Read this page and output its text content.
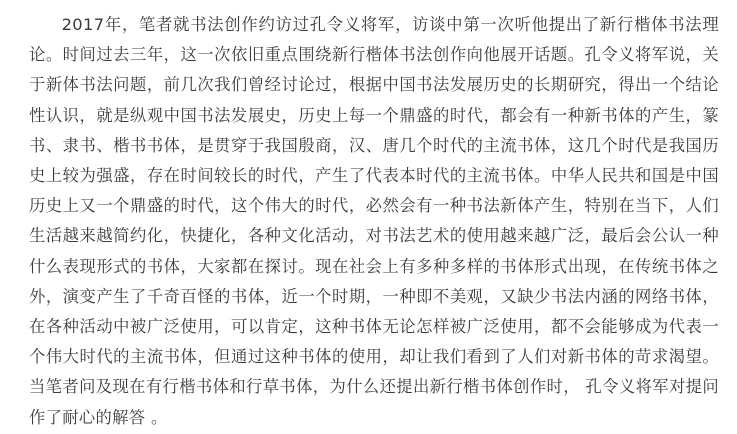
2017年，笔者就书法创作约访过孔令义将军，访谈中第一次听他提出了新行楷体书法理论。时间过去三年，这一次依旧重点围绕新行楷体书法创作向他展开话题。孔令义将军说，关于新体书法问题，前几次我们曾经讨论过，根据中国书法发展历史的长期研究，得出一个结论性认识，就是纵观中国书法发展史，历史上每一个鼎盛的时代，都会有一种新书体的产生，篆书、隶书、楷书书体，是贯穿于我国殷商，汉、唐几个时代的主流书体，这几个时代是我国历史上较为强盛，存在时间较长的时代，产生了代表本时代的主流书体。中华人民共和国是中国历史上又一个鼎盛的时代，这个伟大的时代，必然会有一种书法新体产生，特别在当下，人们生活越来越简约化，快捷化，各种文化活动，对书法艺术的使用越来越广泛，最后会公认一种什么表现形式的书体，大家都在探讨。现在社会上有多种多样的书体形式出现，在传统书体之外，演变产生了千奇百怪的书体，近一个时期，一种即不美观，又缺少书法内涵的网络书体，在各种活动中被广泛使用，可以肯定，这种书体无论怎样被广泛使用，都不会能够成为代表一个伟大时代的主流书体，但通过这种书体的使用，却让我们看到了人们对新书体的苛求渴望。当笔者问及现在有行楷书体和行草书体，为什么还提出新行楷书体创作时， 孔令义将军对提问作了耐心的解答 。
